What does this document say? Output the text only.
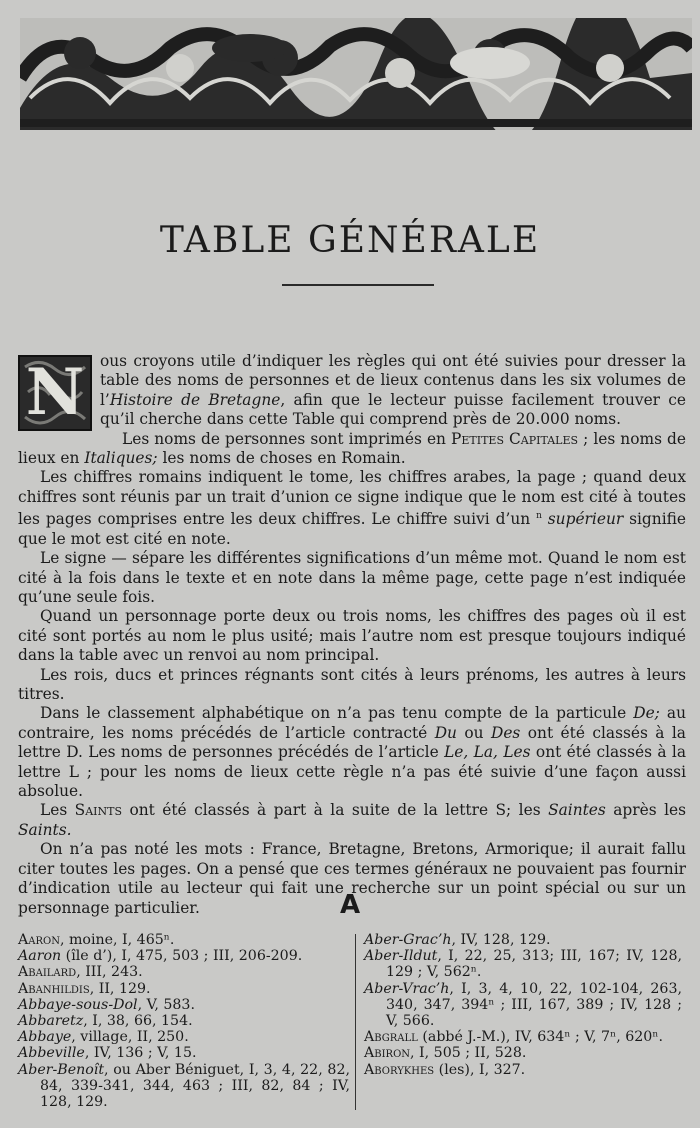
TABLE GÉNÉRALE

N	ous croyons utile d’indiquer les règles qui ont été suivies pour dresser la table des noms de personnes et de lieux contenus dans les six volumes de l’Histoire de Bretagne, afin que le lecteur puisse facilement trouver ce qu’il cherche dans cette Table qui comprend près de 20.000 noms.

Les noms de personnes sont imprimés en Petites Capitales ; les noms de lieux en Italiques; les noms de choses en Romain.

Les chiffres romains indiquent le tome, les chiffres arabes, la page ; quand deux chiffres sont réunis par un trait d’union ce signe indique que le nom est cité à toutes les pages comprises entre les deux chiffres. Le chiffre suivi d’un $^n$ supérieur signifie que le mot est cité en note.

Le signe — sépare les différentes significations d’un même mot. Quand le nom est cité à la fois dans le texte et en note dans la même page, cette page n’est indiquée qu’une seule fois.

Quand un personnage porte deux ou trois noms, les chiffres des pages où il est cité sont portés au nom le plus usité; mais l’autre nom est presque toujours indiqué dans la table avec un renvoi au nom principal.

Les rois, ducs et princes régnants sont cités à leurs prénoms, les autres à leurs titres.

Dans le classement alphabétique on n’a pas tenu compte de la particule De; au contraire, les noms précédés de l’article contracté Du ou Des ont été classés à la lettre D. Les noms de personnes précédés de l’article Le, La, Les ont été classés à la lettre L ; pour les noms de lieux cette règle n’a pas été suivie d’une façon aussi absolue.

Les Saints ont été classés à part à la suite de la lettre S; les Saintes après les Saints.

On n’a pas noté les mots : France, Bretagne, Bretons, Armorique; il aurait fallu citer toutes les pages. On a pensé que ces termes généraux ne pouvaient pas fournir d’indication utile au lecteur qui fait une recherche sur un point spécial ou sur un personnage particulier.	A

Aaron, moine, I, 465ⁿ.

Aaron (île d’), I, 475, 503 ; III, 206-209.

Abailard, III, 243.

Abanhildis, II, 129.

Abbaye-sous-Dol, V, 583.

Abbaretz, I, 38, 66, 154.

Abbaye, village, II, 250.

Abbeville, IV, 136 ; V, 15.

Aber-Benoît, ou Aber Béniguet, I, 3, 4, 22, 82, 84, 339-341, 344, 463 ; III, 82, 84 ; IV, 128, 129.

Aber-Grac’h, IV, 128, 129.

Aber-Ildut, I, 22, 25, 313; III, 167; IV, 128, 129 ; V, 562ⁿ.

Aber-Vrac’h, I, 3, 4, 10, 22, 102-104, 263, 340, 347, 394ⁿ ; III, 167, 389 ; IV, 128 ; V, 566.

Abgrall (abbé J.-M.), IV, 634ⁿ ; V, 7ⁿ, 620ⁿ.

Abiron, I, 505 ; II, 528.

Aborykhes (les), I, 327.
